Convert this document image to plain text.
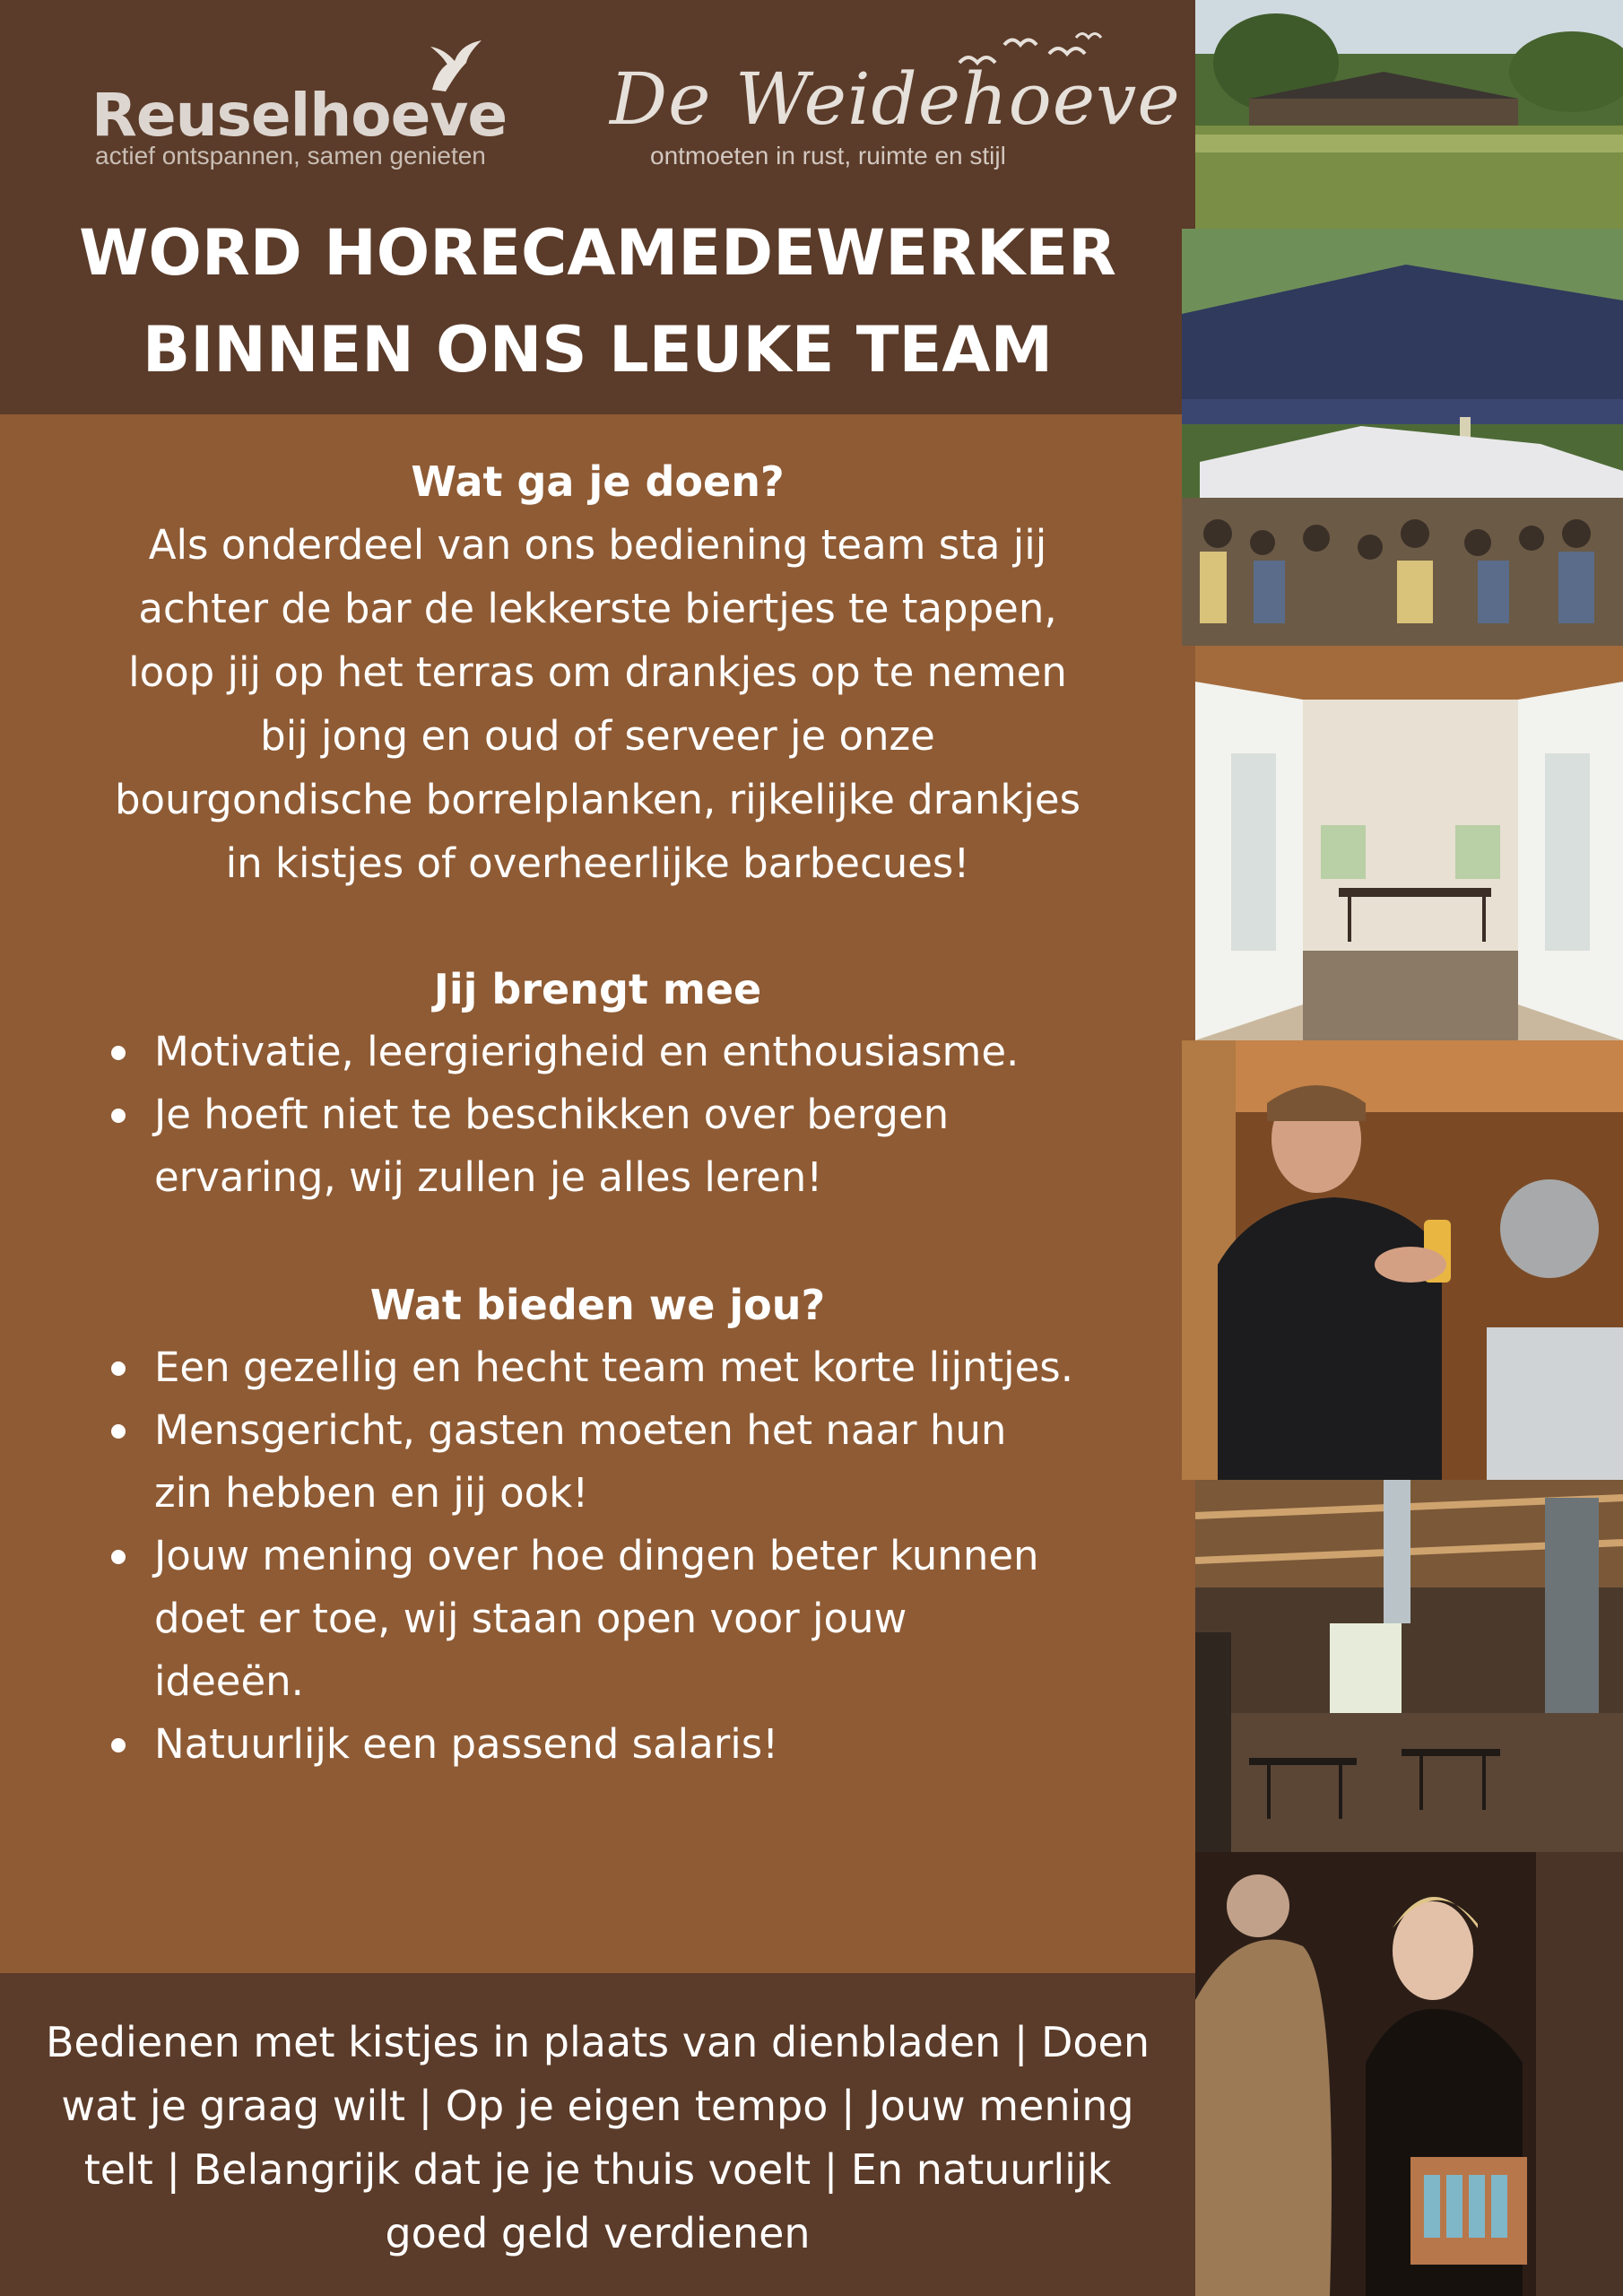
Reuselhoeve
actief ontspannen, samen genieten
De Weidehoeve
ontmoeten in rust, ruimte en stijl
WORD HORECAMEDEWERKER
BINNEN ONS LEUKE TEAM
Wat ga je doen?
Als onderdeel van ons bediening team sta jij
achter de bar de lekkerste biertjes te tappen,
loop jij op het terras om drankjes op te nemen
bij jong en oud of serveer je onze
bourgondische borrelplanken, rijkelijke drankjes
in kistjes of overheerlijke barbecues!
Jij brengt mee
Motivatie, leergierigheid en enthousiasme.
Je hoeft niet te beschikken over bergen
ervaring, wij zullen je alles leren!
Wat bieden we jou?
Een gezellig en hecht team met korte lijntjes.
Mensgericht, gasten moeten het naar hun
zin hebben en jij ook!
Jouw mening over hoe dingen beter kunnen
doet er toe, wij staan open voor jouw
ideeën.
Natuurlijk een passend salaris!
Bedienen met kistjes in plaats van dienbladen | Doen
wat je graag wilt | Op je eigen tempo | Jouw mening
telt | Belangrijk dat je je thuis voelt | En natuurlijk
goed geld verdienen
